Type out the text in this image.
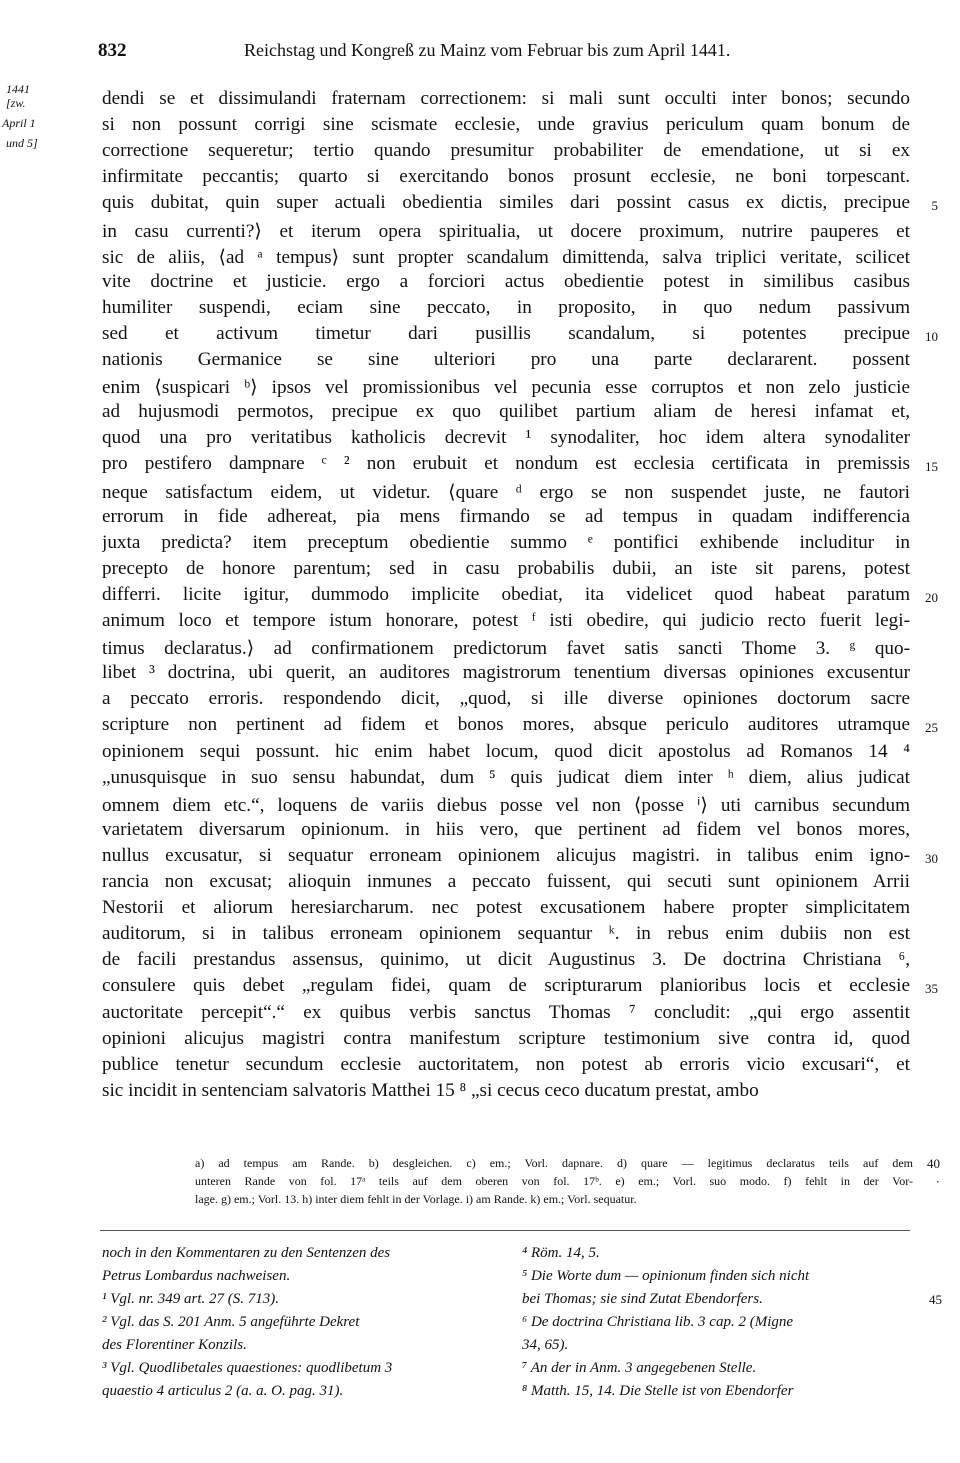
832	Reichstag und Kongreß zu Mainz vom Februar bis zum April 1441.
1441
[zw.
April 1
und 5]
dendi se et dissimulandi fraternam correctionem: si mali sunt occulti inter bonos; secundo
si non possunt corrigi sine scismate ecclesie, unde gravius periculum quam bonum de
correctione sequeretur; tertio quando presumitur probabiliter de emendatione, ut si ex
infirmitate peccantis; quarto si exercitando bonos prosunt ecclesie, ne boni torpescant.
quis dubitat, quin super actuali obedientia similes dari possint casus ex dictis, precipue
in casu currenti?⟩ et iterum opera spiritualia, ut docere proximum, nutrire pauperes et
sic de aliis, ⟨ad ᵃ tempus⟩ sunt propter scandalum dimittenda, salva triplici veritate, scilicet
vite doctrine et justicie. ergo a forciori actus obedientie potest in similibus casibus
humiliter suspendi, eciam sine peccato, in proposito, in quo nedum passivum
sed et activum timetur dari pusillis scandalum, si potentes precipue
nationis Germanice se sine ulteriori pro una parte declararent. possent
enim ⟨suspicari ᵇ⟩ ipsos vel promissionibus vel pecunia esse corruptos et non zelo justicie
ad hujusmodi permotos, precipue ex quo quilibet partium aliam de heresi infamat et,
quod una pro veritatibus katholicis decrevit ¹ synodaliter, hoc idem altera synodaliter
pro pestifero dampnare ᶜ ² non erubuit et nondum est ecclesia certificata in premissis
neque satisfactum eidem, ut videtur. ⟨quare ᵈ ergo se non suspendet juste, ne fautori
errorum in fide adhereat, pia mens firmando se ad tempus in quadam indifferencia
juxta predicta? item preceptum obedientie summo ᵉ pontifici exhibende includitur in
precepto de honore parentum; sed in casu probabilis dubii, an iste sit parens, potest
differri. licite igitur, dummodo implicite obediat, ita videlicet quod habeat paratum
animum loco et tempore istum honorare, potest ᶠ isti obedire, qui judicio recto fuerit legi-
timus declaratus.⟩ ad confirmationem predictorum favet satis sancti Thome 3. ᵍ quo-
libet ³ doctrina, ubi querit, an auditores magistrorum tenentium diversas opiniones excusentur
a peccato erroris. respondendo dicit, „quod, si ille diverse opiniones doctorum sacre
scripture non pertinent ad fidem et bonos mores, absque periculo auditores utramque
opinionem sequi possunt. hic enim habet locum, quod dicit apostolus ad Romanos 14 ⁴
„unusquisque in suo sensu habundat, dum ⁵ quis judicat diem inter ʰ diem, alius judicat
omnem diem etc.“, loquens de variis diebus posse vel non ⟨posse ⁱ⟩ uti carnibus secundum
varietatem diversarum opinionum. in hiis vero, que pertinent ad fidem vel bonos mores,
nullus excusatur, si sequatur erroneam opinionem alicujus magistri. in talibus enim igno-
rancia non excusat; alioquin inmunes a peccato fuissent, qui secuti sunt opinionem Arrii
Nestorii et aliorum heresiarcharum. nec potest excusationem habere propter simplicitatem
auditorum, si in talibus erroneam opinionem sequantur ᵏ. in rebus enim dubiis non est
de facili prestandus assensus, quinimo, ut dicit Augustinus 3. De doctrina Christiana ⁶,
consulere quis debet „regulam fidei, quam de scripturarum planioribus locis et ecclesie
auctoritate percepit“.“ ex quibus verbis sanctus Thomas ⁷ concludit: „qui ergo assentit
opinioni alicujus magistri contra manifestum scripture testimonium sive contra id, quod
publice tenetur secundum ecclesie auctoritatem, non potest ab erroris vicio excusari“, et
sic incidit in sentenciam salvatoris Matthei 15 ⁸ „si cecus ceco ducatum prestat, ambo
5
10
15
20
25
30
35
a) ad tempus am Rande. b) desgleichen. c) em.; Vorl. dapnare. d) quare — legitimus declaratus teils auf dem
unteren Rande von fol. 17ᵃ teils auf dem oberen von fol. 17ᵇ. e) em.; Vorl. suo modo. f) fehlt in der Vor-
lage. g) em.; Vorl. 13. h) inter diem fehlt in der Vorlage. i) am Rande. k) em.; Vorl. sequatur.
40
·
noch in den Kommentaren zu den Sentenzen des
Petrus Lombardus nachweisen.
¹ Vgl. nr. 349 art. 27 (S. 713).
² Vgl. das S. 201 Anm. 5 angeführte Dekret
des Florentiner Konzils.
³ Vgl. Quodlibetales quaestiones: quodlibetum 3
quaestio 4 articulus 2 (a. a. O. pag. 31).
⁴ Röm. 14, 5.
⁵ Die Worte dum — opinionum finden sich nicht
bei Thomas; sie sind Zutat Ebendorfers.
⁶ De doctrina Christiana lib. 3 cap. 2 (Migne
34, 65).
⁷ An der in Anm. 3 angegebenen Stelle.
⁸ Matth. 15, 14. Die Stelle ist von Ebendorfer
45
